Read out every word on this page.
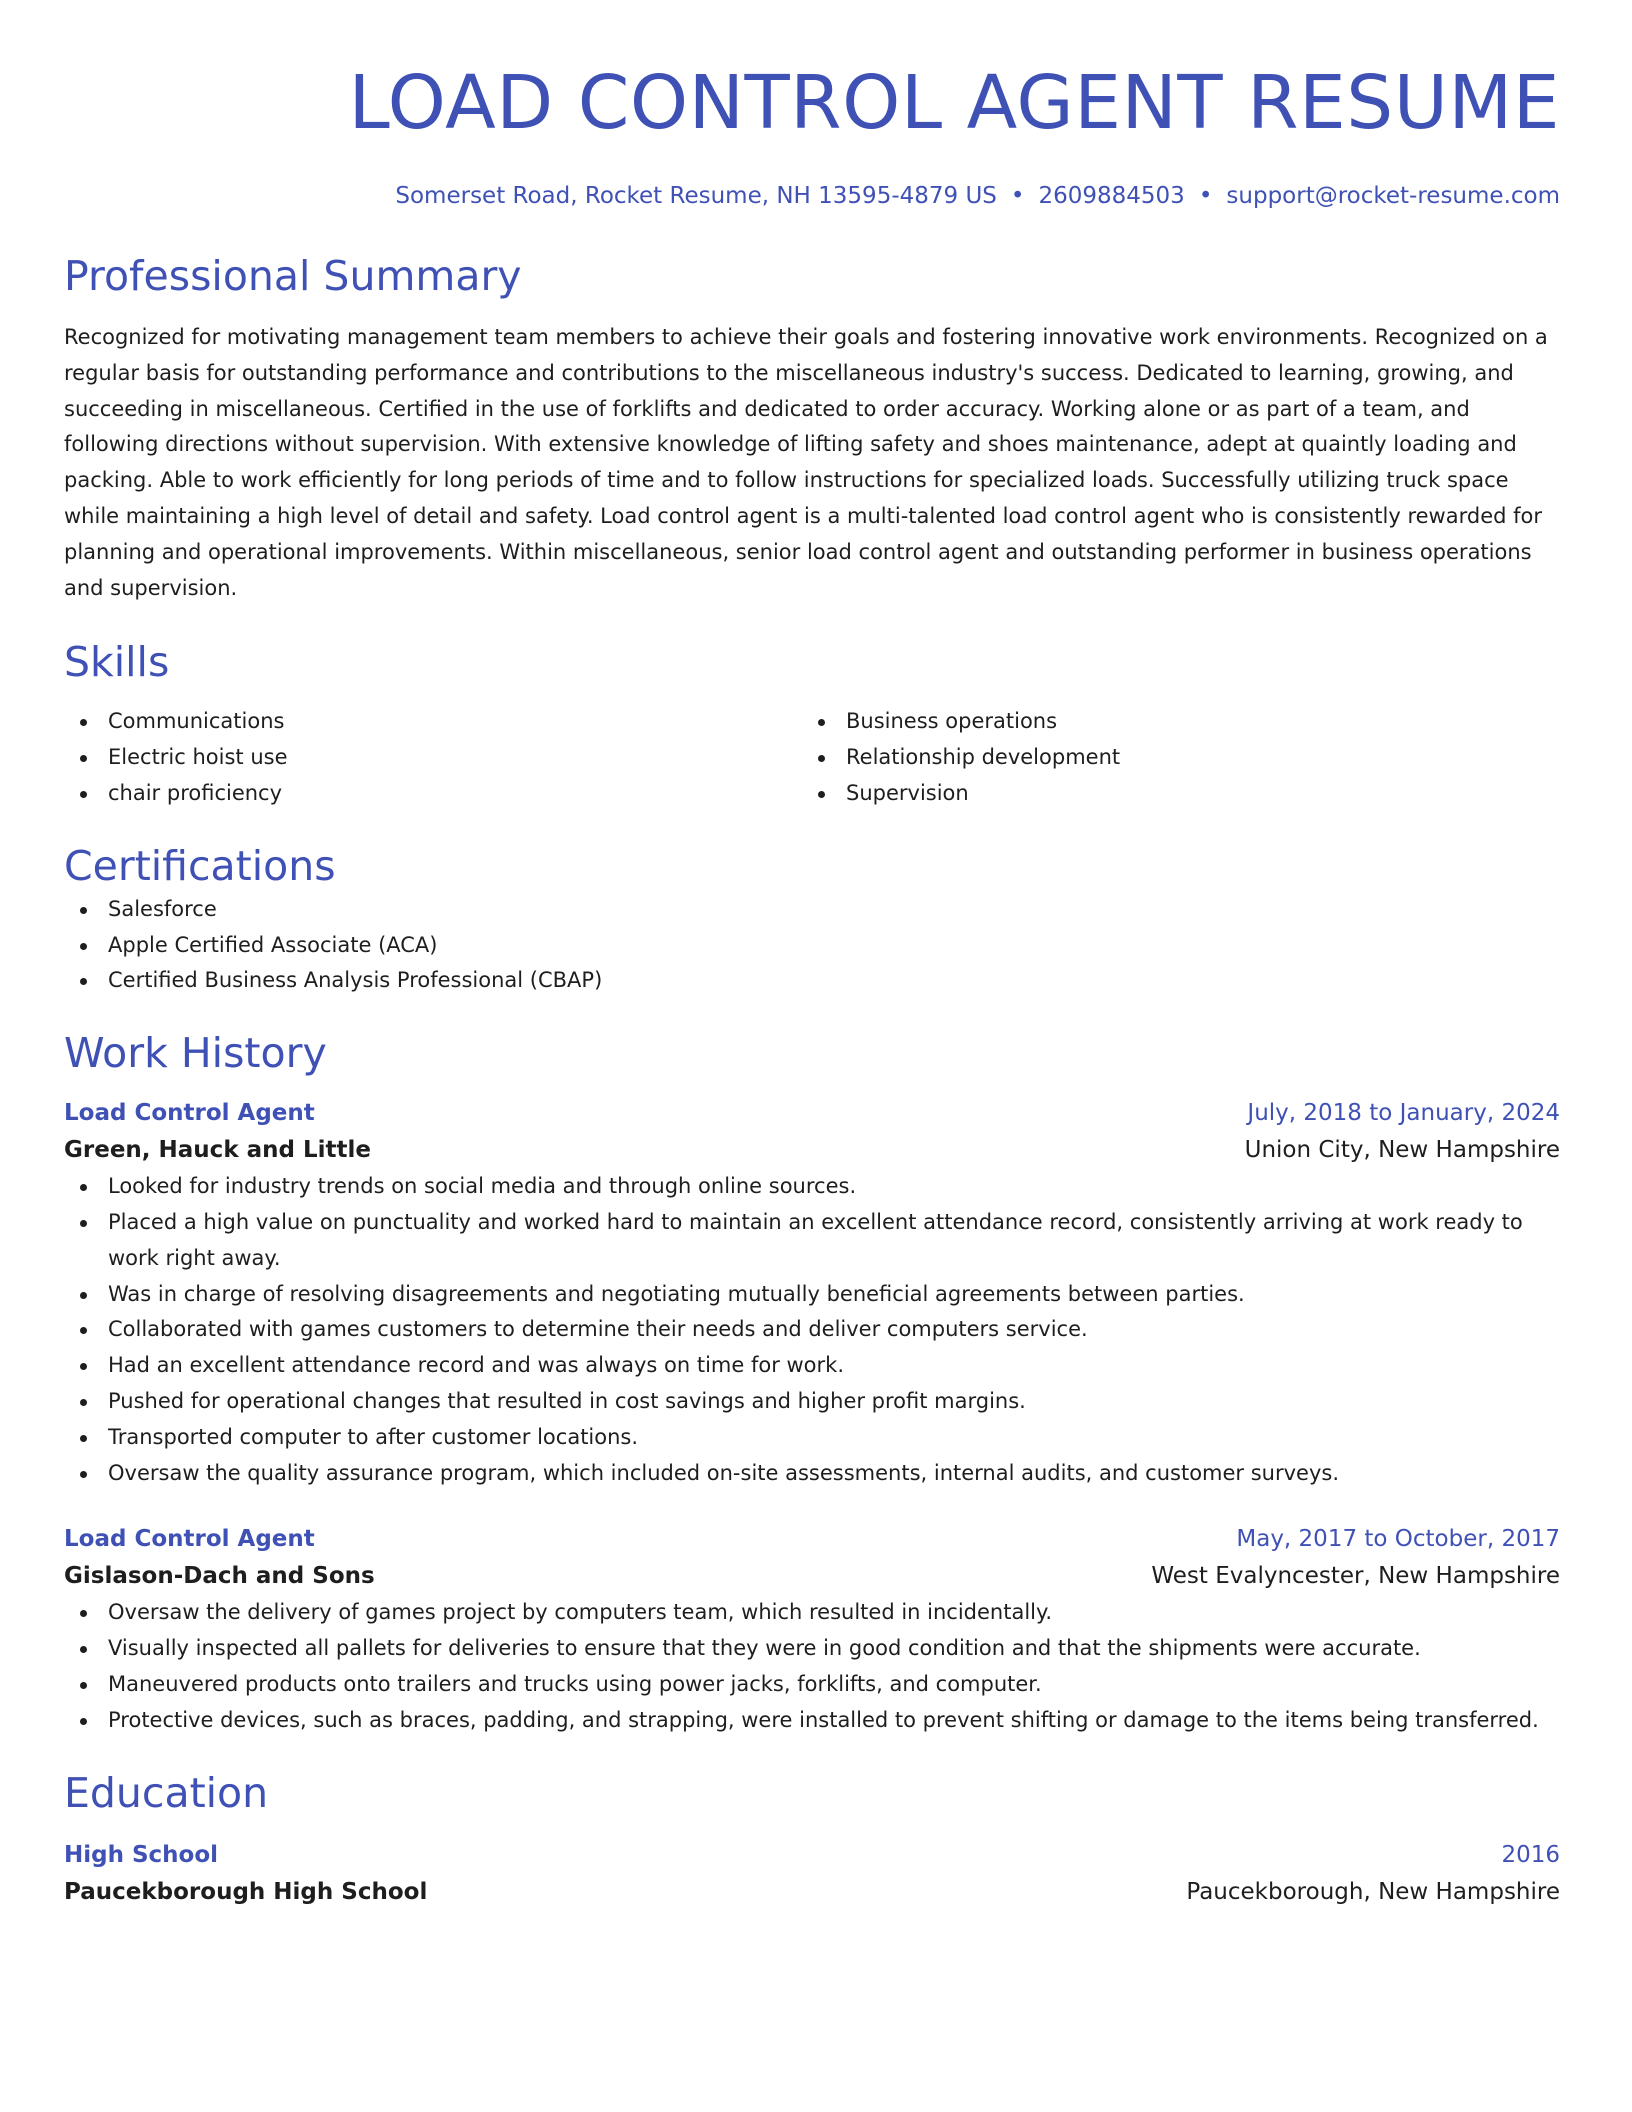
LOAD CONTROL AGENT RESUME
Somerset Road, Rocket Resume, NH 13595-4879 US • 2609884503 • support@rocket-resume.com
Professional Summary
Recognized for motivating management team members to achieve their goals and fostering innovative work environments. Recognized on a regular basis for outstanding performance and contributions to the miscellaneous industry's success. Dedicated to learning, growing, and succeeding in miscellaneous. Certified in the use of forklifts and dedicated to order accuracy. Working alone or as part of a team, and following directions without supervision. With extensive knowledge of lifting safety and shoes maintenance, adept at quaintly loading and packing. Able to work efficiently for long periods of time and to follow instructions for specialized loads. Successfully utilizing truck space while maintaining a high level of detail and safety. Load control agent is a multi-talented load control agent who is consistently rewarded for planning and operational improvements. Within miscellaneous, senior load control agent and outstanding performer in business operations and supervision.
Skills
Communications
Electric hoist use
chair proficiency
Business operations
Relationship development
Supervision
Certifications
Salesforce
Apple Certified Associate (ACA)
Certified Business Analysis Professional (CBAP)
Work History
Load Control Agent	July, 2018 to January, 2024
Green, Hauck and Little	Union City, New Hampshire
Looked for industry trends on social media and through online sources.
Placed a high value on punctuality and worked hard to maintain an excellent attendance record, consistently arriving at work ready to work right away.
Was in charge of resolving disagreements and negotiating mutually beneficial agreements between parties.
Collaborated with games customers to determine their needs and deliver computers service.
Had an excellent attendance record and was always on time for work.
Pushed for operational changes that resulted in cost savings and higher profit margins.
Transported computer to after customer locations.
Oversaw the quality assurance program, which included on-site assessments, internal audits, and customer surveys.
Load Control Agent	May, 2017 to October, 2017
Gislason-Dach and Sons	West Evalyncester, New Hampshire
Oversaw the delivery of games project by computers team, which resulted in incidentally.
Visually inspected all pallets for deliveries to ensure that they were in good condition and that the shipments were accurate.
Maneuvered products onto trailers and trucks using power jacks, forklifts, and computer.
Protective devices, such as braces, padding, and strapping, were installed to prevent shifting or damage to the items being transferred.
Education
High School	2016
Paucekborough High School	Paucekborough, New Hampshire
